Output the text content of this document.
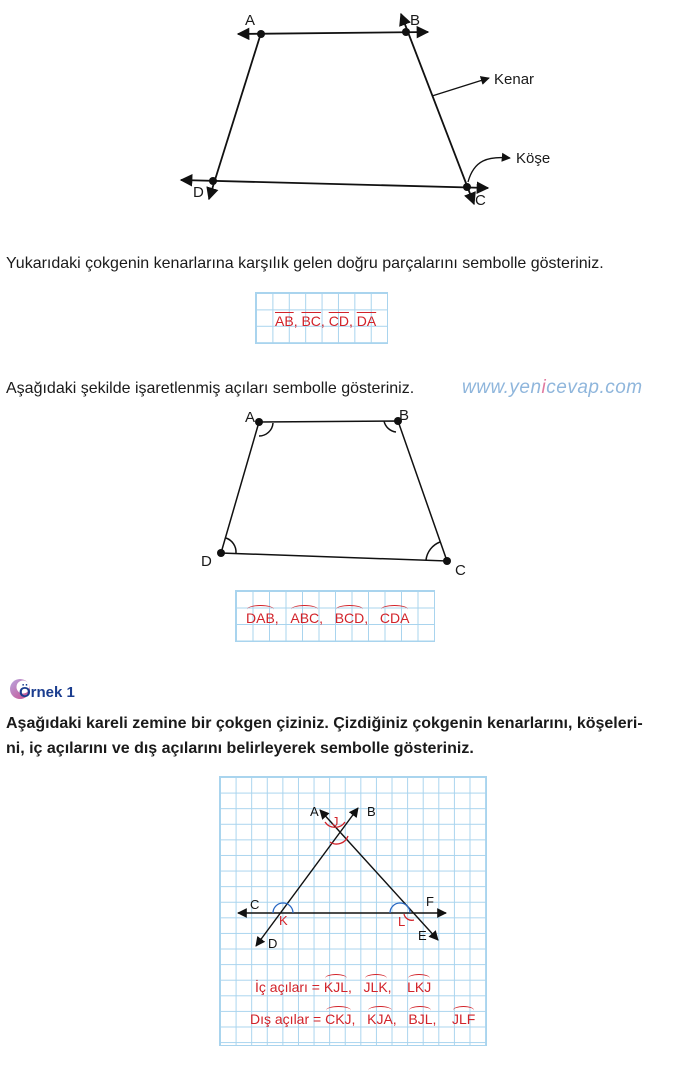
A	B
C
D
Kenar
Köşe
Yukarıdaki çokgenin kenarlarına karşılık gelen doğru parçalarını sembolle gösteriniz.
$\overline{AB}$, $\overline{BC}$, $\overline{CD}$, $\overline{DA}$
Aşağıdaki şekilde işaretlenmiş açıları sembolle gösteriniz.	www.yenicevap.com
A	B
C
D
DAB,   ABC,   BCD,   CDA
Örnek 1
Aşağıdaki kareli zemine bir çokgen çiziniz. Çizdiğiniz çokgenin kenarlarını, köşeleri-
ni, iç açılarını ve dış açılarını belirleyerek sembolle gösteriniz.
A	B
C
D
E
F
J
K	L
İç açıları = KJL,   JLK,    LKJ
Dış açılar = CKJ,   KJA,   BJL,    JLF
